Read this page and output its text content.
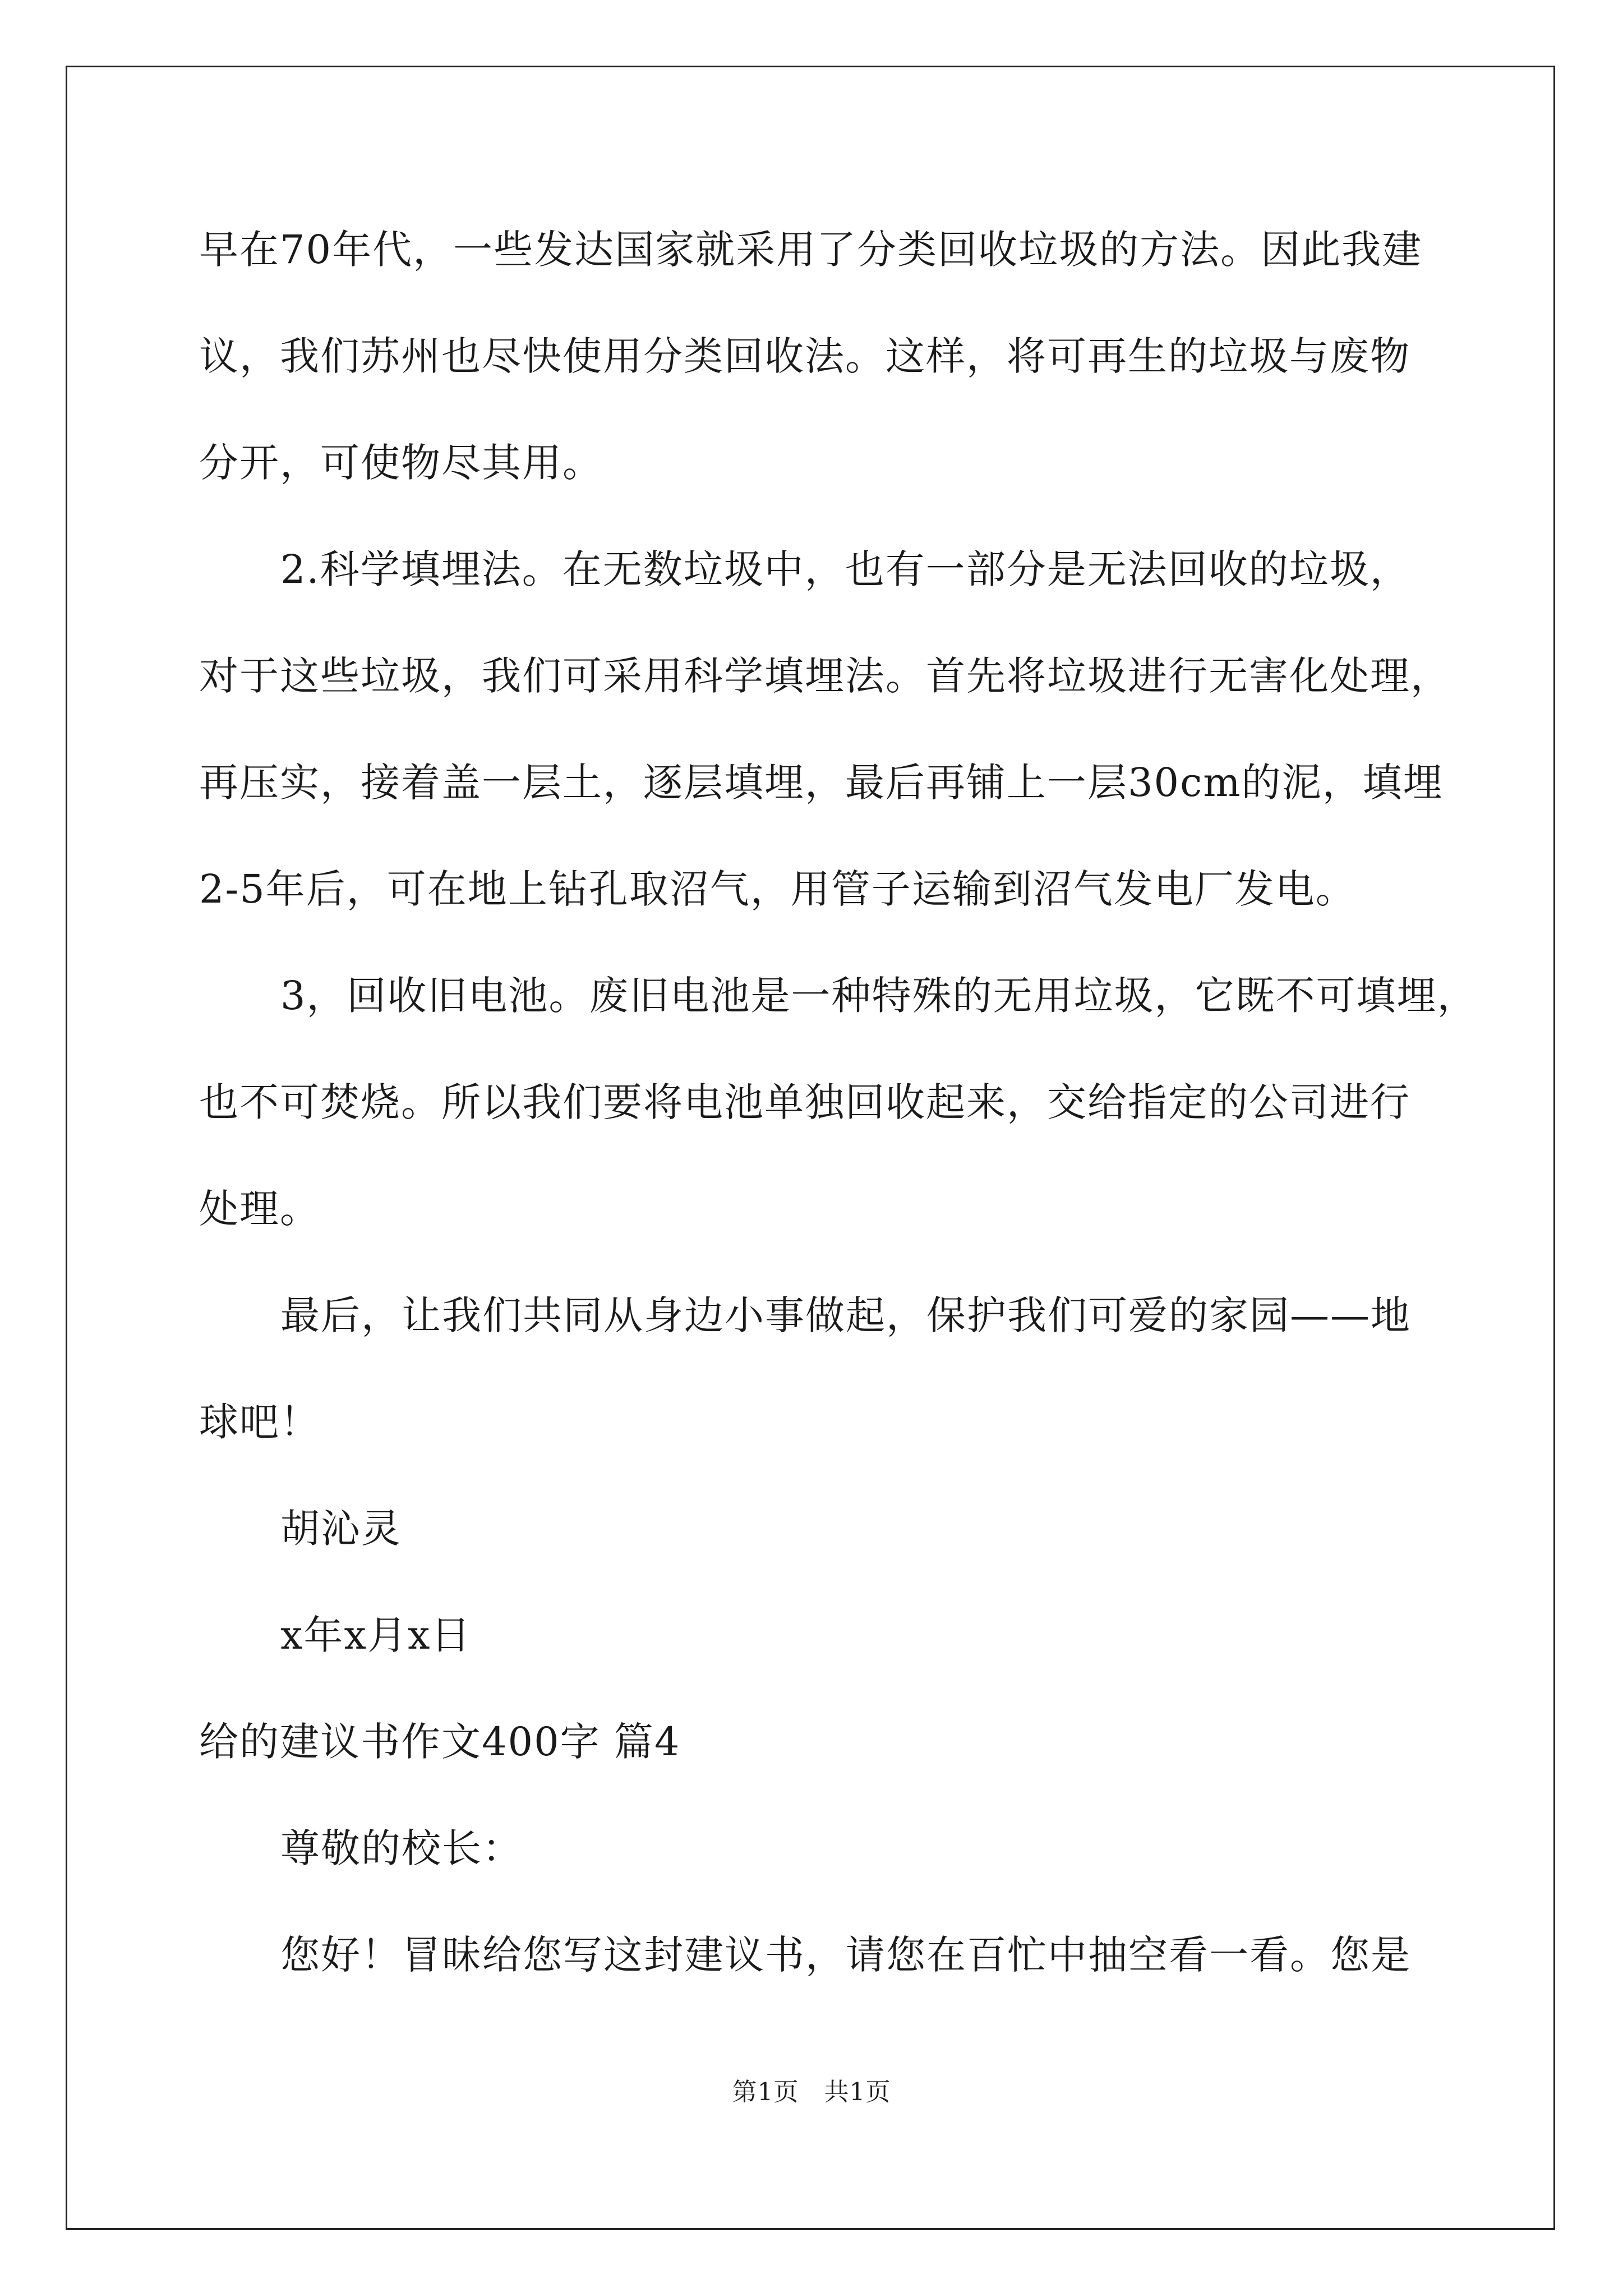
早在70年代，一些发达国家就采用了分类回收垃圾的方法。因此我建
议，我们苏州也尽快使用分类回收法。这样，将可再生的垃圾与废物
分开，可使物尽其用。
2.科学填埋法。在无数垃圾中，也有一部分是无法回收的垃圾，
对于这些垃圾，我们可采用科学填埋法。首先将垃圾进行无害化处理，
再压实，接着盖一层土，逐层填埋，最后再铺上一层30cm的泥，填埋
2-5年后，可在地上钻孔取沼气，用管子运输到沼气发电厂发电。
3，回收旧电池。废旧电池是一种特殊的无用垃圾，它既不可填埋，
也不可焚烧。所以我们要将电池单独回收起来，交给指定的公司进行
处理。
最后，让我们共同从身边小事做起，保护我们可爱的家园——地
球吧！
胡沁灵
x年x月x日
给的建议书作文400字 篇4
尊敬的校长：
您好！冒昧给您写这封建议书，请您在百忙中抽空看一看。您是
第1页　共1页
